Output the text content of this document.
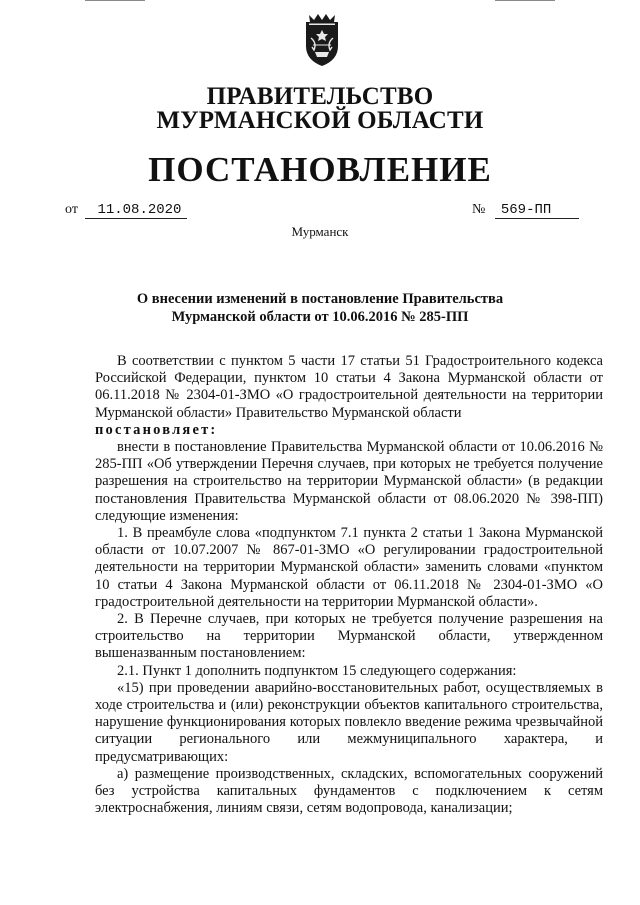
ПРАВИТЕЛЬСТВО
МУРМАНСКОЙ ОБЛАСТИ
ПОСТАНОВЛЕНИЕ
от 11.08.2020	№ 569-ПП
Мурманск
О внесении изменений в постановление Правительства
Мурманской области от 10.06.2016 № 285-ПП

В соответствии с пунктом 5 части 17 статьи 51 Градостроительного кодекса Российской Федерации, пунктом 10 статьи 4 Закона Мурманской области от 06.11.2018 № 2304-01-ЗМО «О градостроительной деятельности на территории Мурманской области» Правительство Мурманской области

постановляет:

внести в постановление Правительства Мурманской области от 10.06.2016 № 285-ПП «Об утверждении Перечня случаев, при которых не требуется получение разрешения на строительство на территории Мурманской области» (в редакции постановления Правительства Мурманской области от 08.06.2020 № 398-ПП) следующие изменения:

1. В преамбуле слова «подпунктом 7.1 пункта 2 статьи 1 Закона Мурманской области от 10.07.2007 № 867-01-ЗМО «О регулировании градостроительной деятельности на территории Мурманской области» заменить словами «пунктом 10 статьи 4 Закона Мурманской области от 06.11.2018 № 2304-01-ЗМО «О градостроительной деятельности на территории Мурманской области».

2. В Перечне случаев, при которых не требуется получение разрешения на строительство на территории Мурманской области, утвержденном вышеназванным постановлением:

2.1. Пункт 1 дополнить подпунктом 15 следующего содержания:

«15) при проведении аварийно-восстановительных работ, осуществляемых в ходе строительства и (или) реконструкции объектов капитального строительства, нарушение функционирования которых повлекло введение режима чрезвычайной ситуации регионального или межмуниципального характера, и предусматривающих:

а) размещение производственных, складских, вспомогательных сооружений без устройства капитальных фундаментов с подключением к сетям электроснабжения, линиям связи, сетям водопровода, канализации;
